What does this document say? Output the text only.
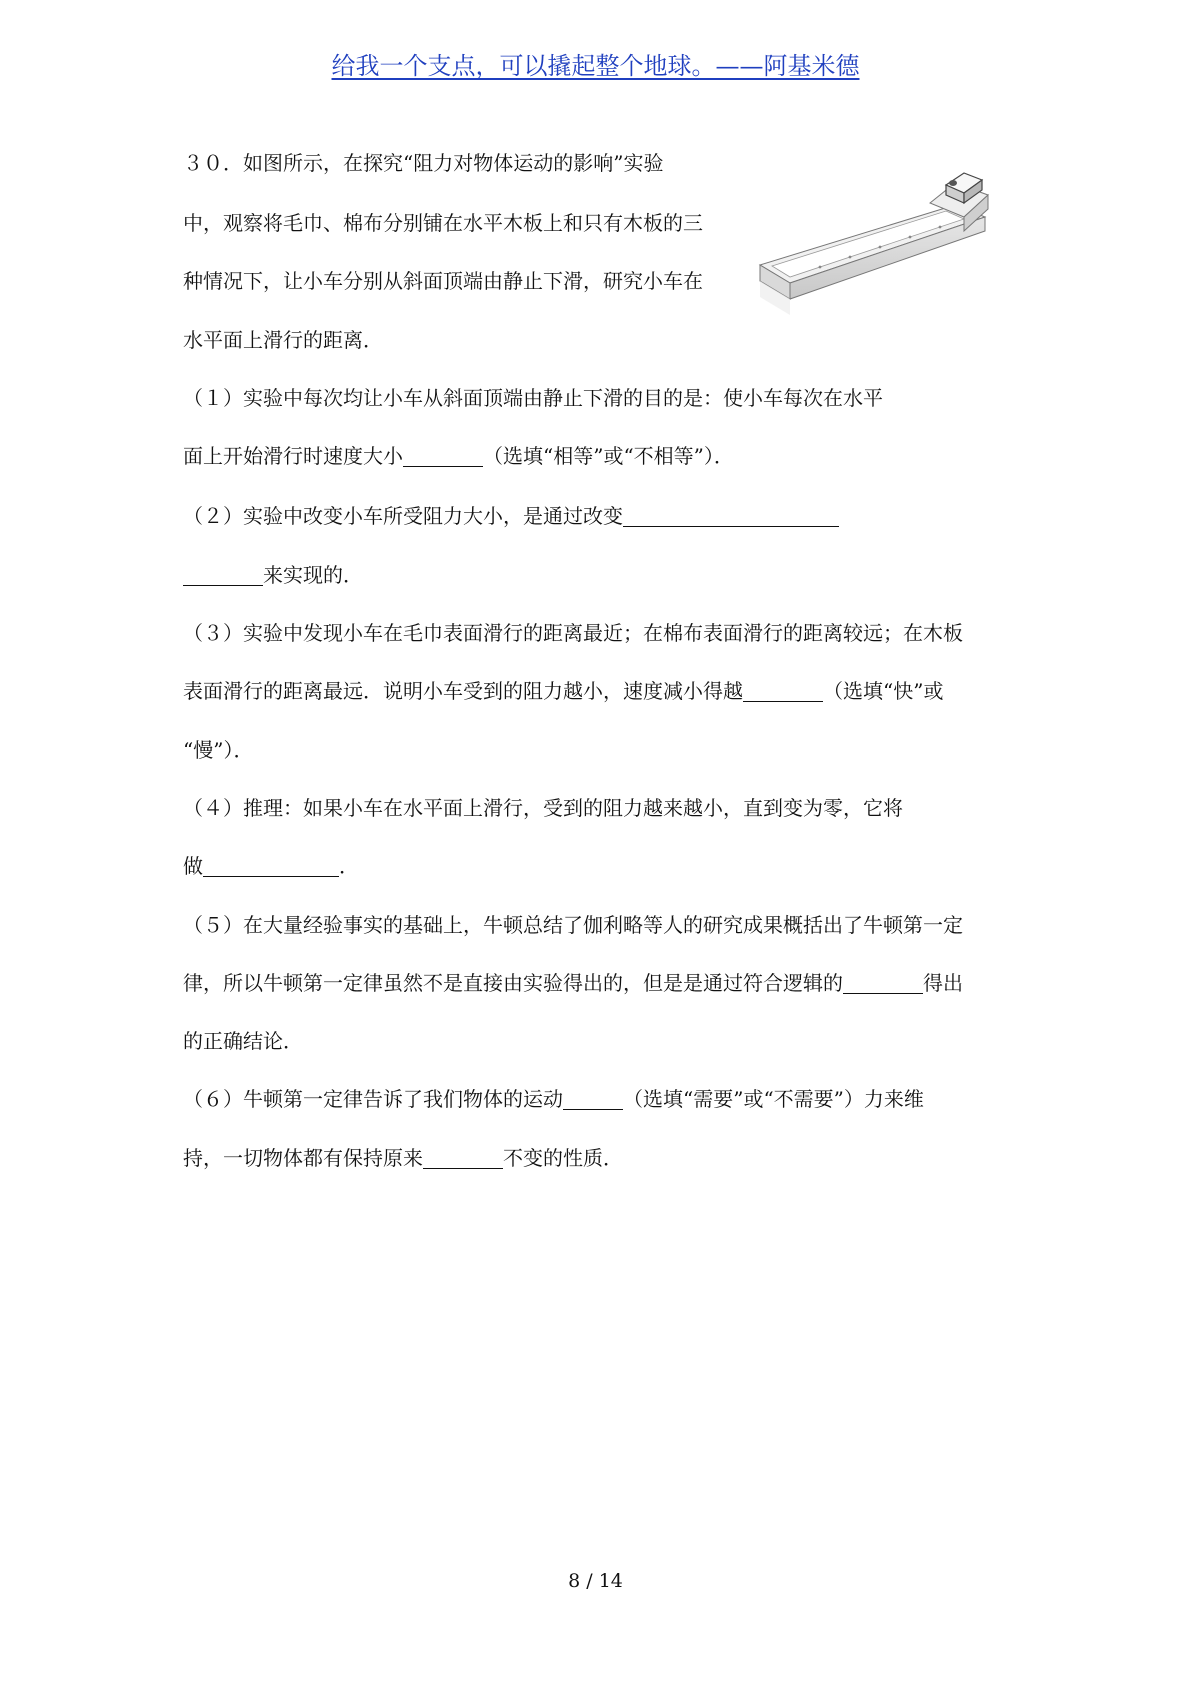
给我一个支点，可以撬起整个地球。——阿基米德
３０．如图所示，在探究“阻力对物体运动的影响”实验
中，观察将毛巾、棉布分别铺在水平木板上和只有木板的三
种情况下，让小车分别从斜面顶端由静止下滑，研究小车在
水平面上滑行的距离．
（１）实验中每次均让小车从斜面顶端由静止下滑的目的是：使小车每次在水平
面上开始滑行时速度大小	（选填“相等”或“不相等”）．
（２）实验中改变小车所受阻力大小，是通过改变
来实现的．
（３）实验中发现小车在毛巾表面滑行的距离最近；在棉布表面滑行的距离较远；在木板
表面滑行的距离最远．说明小车受到的阻力越小，速度减小得越	（选填“快”或
“慢”）．
（４）推理：如果小车在水平面上滑行，受到的阻力越来越小，直到变为零，它将
做	．
（５）在大量经验事实的基础上，牛顿总结了伽利略等人的研究成果概括出了牛顿第一定
律，所以牛顿第一定律虽然不是直接由实验得出的，但是是通过符合逻辑的	得出
的正确结论．
（６）牛顿第一定律告诉了我们物体的运动	（选填“需要”或“不需要”）力来维
持，一切物体都有保持原来	不变的性质．
8 / 14
